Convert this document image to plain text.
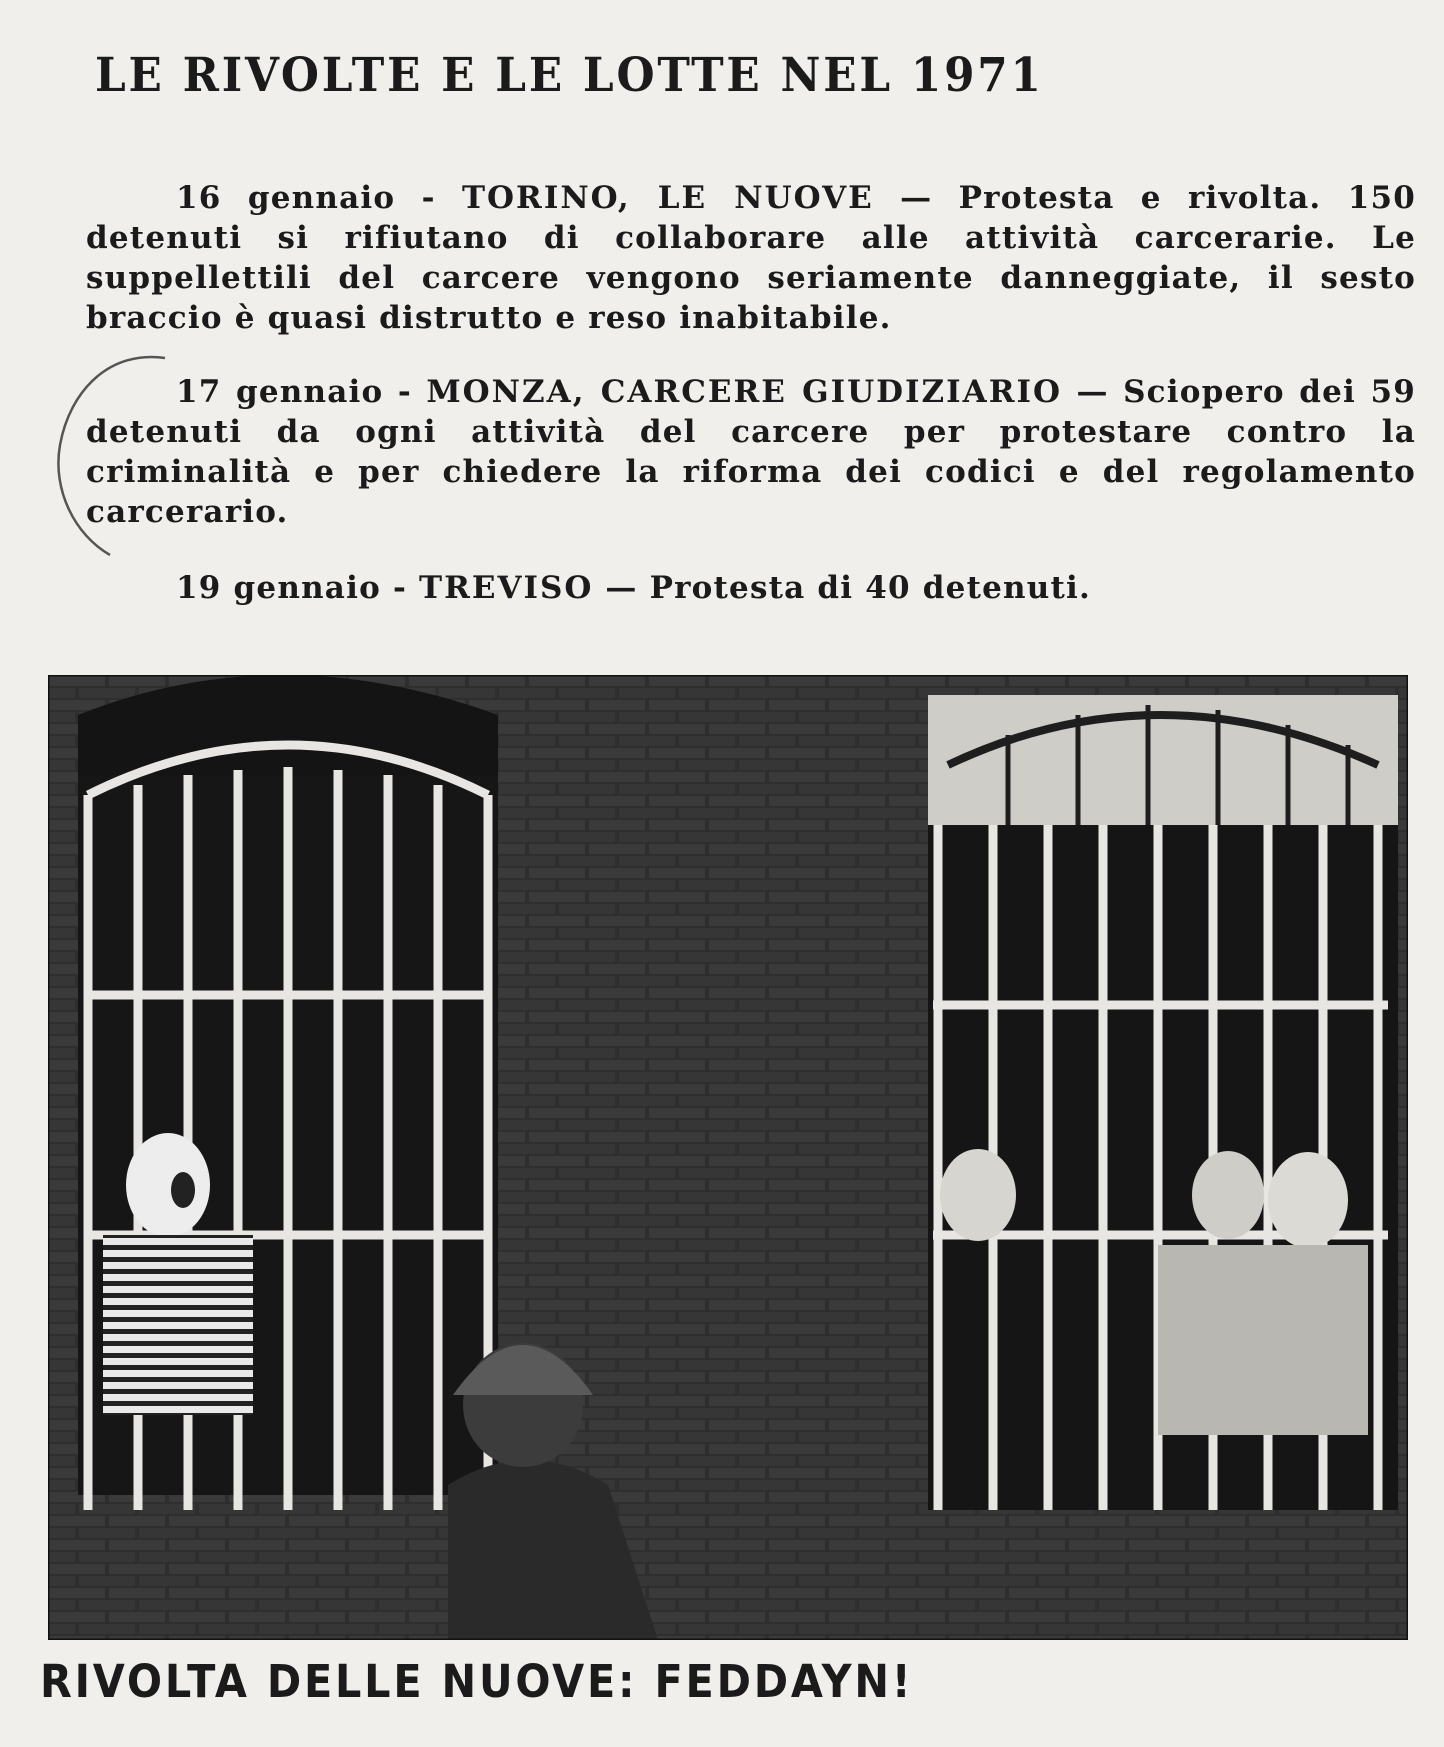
LE RIVOLTE E LE LOTTE NEL 1971
16 gennaio - TORINO, LE NUOVE — Protesta e rivolta. 150 detenuti si rifiutano di collaborare alle attività carcerarie. Le suppellettili del carcere vengono seriamente danneggiate, il sesto braccio è quasi distrutto e reso inabitabile.
17 gennaio - MONZA, CARCERE GIUDIZIARIO — Sciopero dei 59 detenuti da ogni attività del carcere per protestare contro la criminalità e per chiedere la riforma dei codici e del regolamento carcerario.
19 gennaio - TREVISO — Protesta di 40 detenuti.
RIVOLTA DELLE NUOVE: FEDDAYN!
